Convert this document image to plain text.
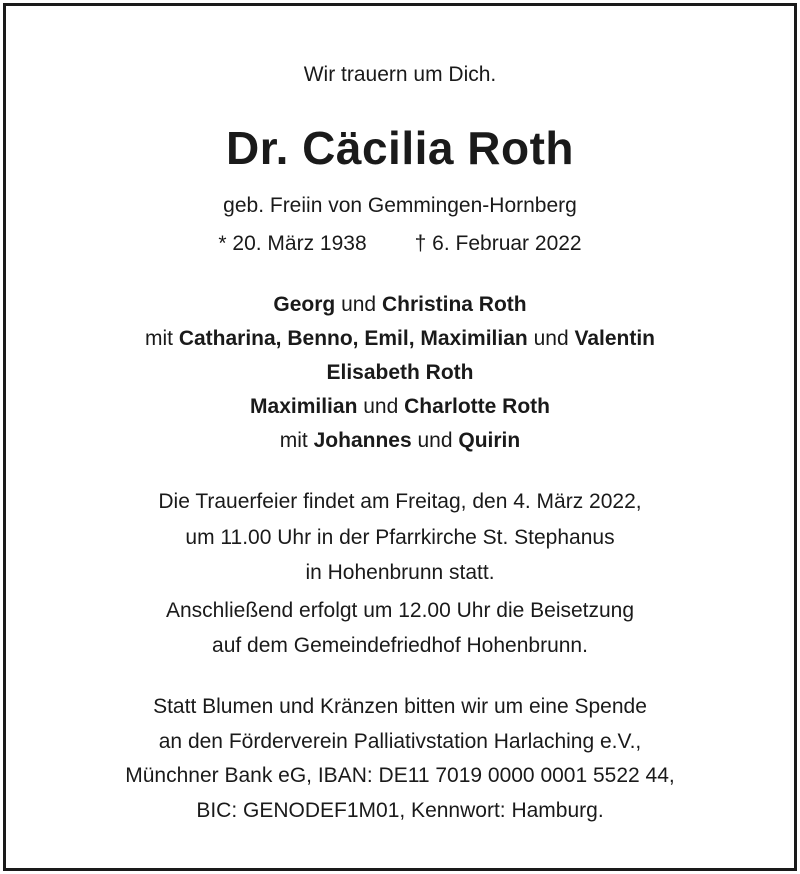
Wir trauern um Dich.
Dr. Cäcilia Roth
geb. Freiin von Gemmingen-Hornberg
* 20. März 1938 † 6. Februar 2022
Georg und Christina Roth
mit Catharina, Benno, Emil, Maximilian und Valentin
Elisabeth Roth
Maximilian und Charlotte Roth
mit Johannes und Quirin
Die Trauerfeier findet am Freitag, den 4. März 2022,
um 11.00 Uhr in der Pfarrkirche St. Stephanus
in Hohenbrunn statt.
Anschließend erfolgt um 12.00 Uhr die Beisetzung
auf dem Gemeindefriedhof Hohenbrunn.
Statt Blumen und Kränzen bitten wir um eine Spende
an den Förderverein Palliativstation Harlaching e.V.,
Münchner Bank eG, IBAN: DE11 7019 0000 0001 5522 44,
BIC: GENODEF1M01, Kennwort: Hamburg.
